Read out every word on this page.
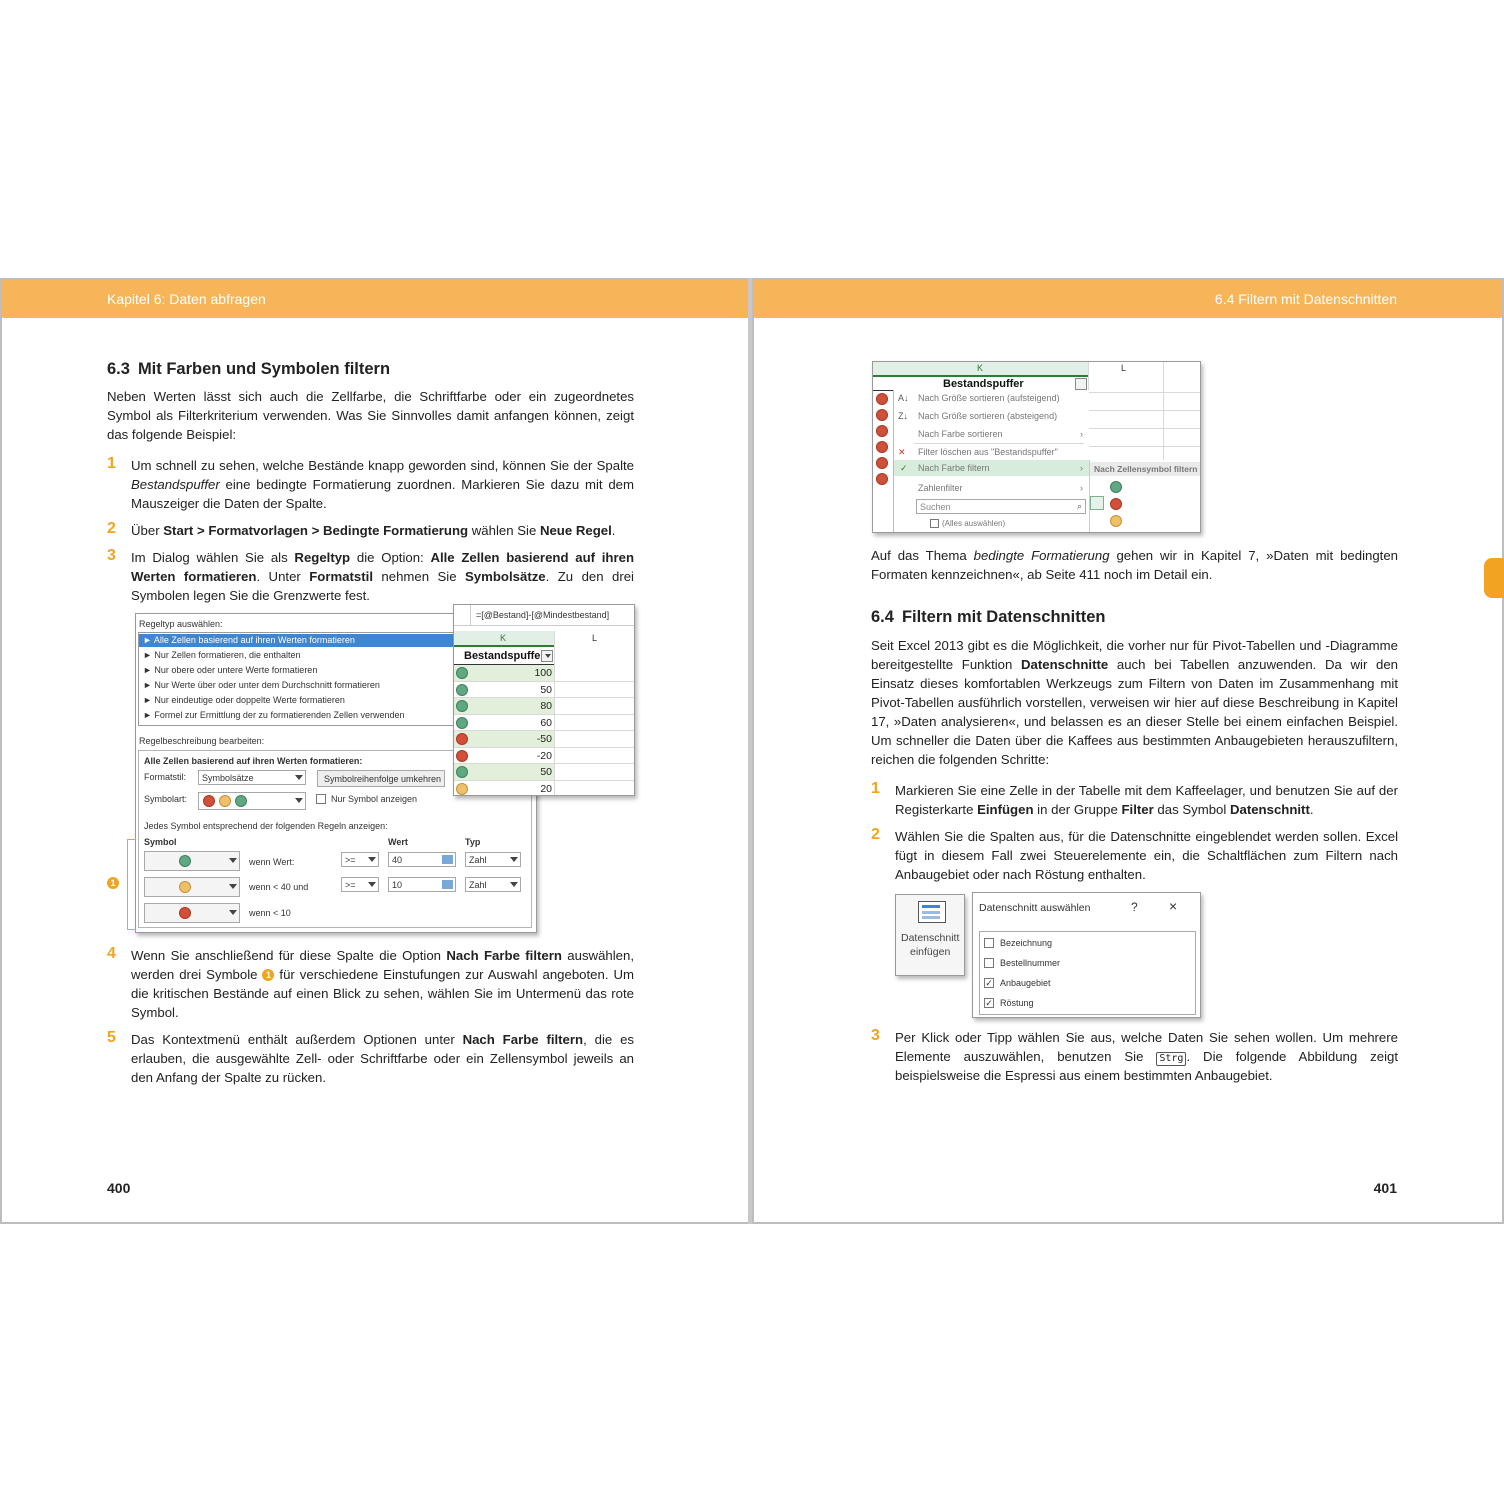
Kapitel 6: Daten abfragen
6.3 Mit Farben und Symbolen filtern
Neben Werten lässt sich auch die Zellfarbe, die Schriftfarbe oder ein zugeordnetes Symbol als Filterkriterium verwenden. Was Sie Sinnvolles damit anfangen können, zeigt das folgende Beispiel:
1 Um schnell zu sehen, welche Bestände knapp geworden sind, können Sie der Spalte Bestandspuffer eine bedingte Formatierung zuordnen. Markieren Sie dazu mit dem Mauszeiger die Daten der Spalte.
2 Über Start > Formatvorlagen > Bedingte Formatierung wählen Sie Neue Regel.
3 Im Dialog wählen Sie als Regeltyp die Option: Alle Zellen basierend auf ihren Werten formatieren. Unter Formatstil nehmen Sie Symbolsätze. Zu den drei Symbolen legen Sie die Grenzwerte fest.
Regeltyp auswählen:
► Alle Zellen basierend auf ihren Werten formatieren
► Nur Zellen formatieren, die enthalten
► Nur obere oder untere Werte formatieren
► Nur Werte über oder unter dem Durchschnitt formatieren
► Nur eindeutige oder doppelte Werte formatieren
► Formel zur Ermittlung der zu formatierenden Zellen verwenden
Regelbeschreibung bearbeiten:
Alle Zellen basierend auf ihren Werten formatieren:
Formatstil: Symbolsätze	Symbolreihenfolge umkehren
Symbolart:	Nur Symbol anzeigen
Jedes Symbol entsprechend der folgenden Regeln anzeigen:
Symbol	Wert	Typ
wenn Wert:	>=	40	Zahl
wenn < 40 und	>=	10	Zahl
wenn < 10
1
=[@Bestand]-[@Mindestbestand]
K	L
Bestandspuffe
100
50
80
60
-50
-20
50
20
4 Wenn Sie anschließend für diese Spalte die Option Nach Farbe filtern auswählen, werden drei Symbole 1 für verschiedene Einstufungen zur Auswahl angeboten. Um die kritischen Bestände auf einen Blick zu sehen, wählen Sie im Untermenü das rote Symbol.
5 Das Kontextmenü enthält außerdem Optionen unter Nach Farbe filtern, die es erlauben, die ausgewählte Zell- oder Schriftfarbe oder ein Zellensymbol jeweils an den Anfang der Spalte zu rücken.
400
6.4 Filtern mit Datenschnitten
K	L
Bestandspuffer
A↓ Nach Größe sortieren (aufsteigend)
Z↓ Nach Größe sortieren (absteigend)
Nach Farbe sortieren	›
✕ Filter löschen aus "Bestandspuffer"
✓ Nach Farbe filtern	›
Zahlenfilter	›
Suchen	⌕
(Alles auswählen)
Nach Zellensymbol filtern
Auf das Thema bedingte Formatierung gehen wir in Kapitel 7, »Daten mit bedingten Formaten kennzeichnen«, ab Seite 411 noch im Detail ein.
6.4 Filtern mit Datenschnitten
Seit Excel 2013 gibt es die Möglichkeit, die vorher nur für Pivot-Tabellen und -Diagramme bereitgestellte Funktion Datenschnitte auch bei Tabellen anzuwenden. Da wir den Einsatz dieses komfortablen Werkzeugs zum Filtern von Daten im Zusammenhang mit Pivot-Tabellen ausführlich vorstellen, verweisen wir hier auf diese Beschreibung in Kapitel 17, »Daten analysieren«, und belassen es an dieser Stelle bei einem einfachen Beispiel. Um schneller die Daten über die Kaffees aus bestimmten Anbaugebieten herauszufiltern, reichen die folgenden Schritte:
1 Markieren Sie eine Zelle in der Tabelle mit dem Kaffeelager, und benutzen Sie auf der Registerkarte Einfügen in der Gruppe Filter das Symbol Datenschnitt.
2 Wählen Sie die Spalten aus, für die Datenschnitte eingeblendet werden sollen. Excel fügt in diesem Fall zwei Steuerelemente ein, die Schaltflächen zum Filtern nach Anbaugebiet oder nach Röstung enthalten.
Datenschnitt
einfügen
Datenschnitt auswählen	? ×
Bezeichnung
Bestellnummer
✓ Anbaugebiet
✓ Röstung
3 Per Klick oder Tipp wählen Sie aus, welche Daten Sie sehen wollen. Um mehrere Elemente auszuwählen, benutzen Sie Strg . Die folgende Abbildung zeigt beispielsweise die Espressi aus einem bestimmten Anbaugebiet.
401
